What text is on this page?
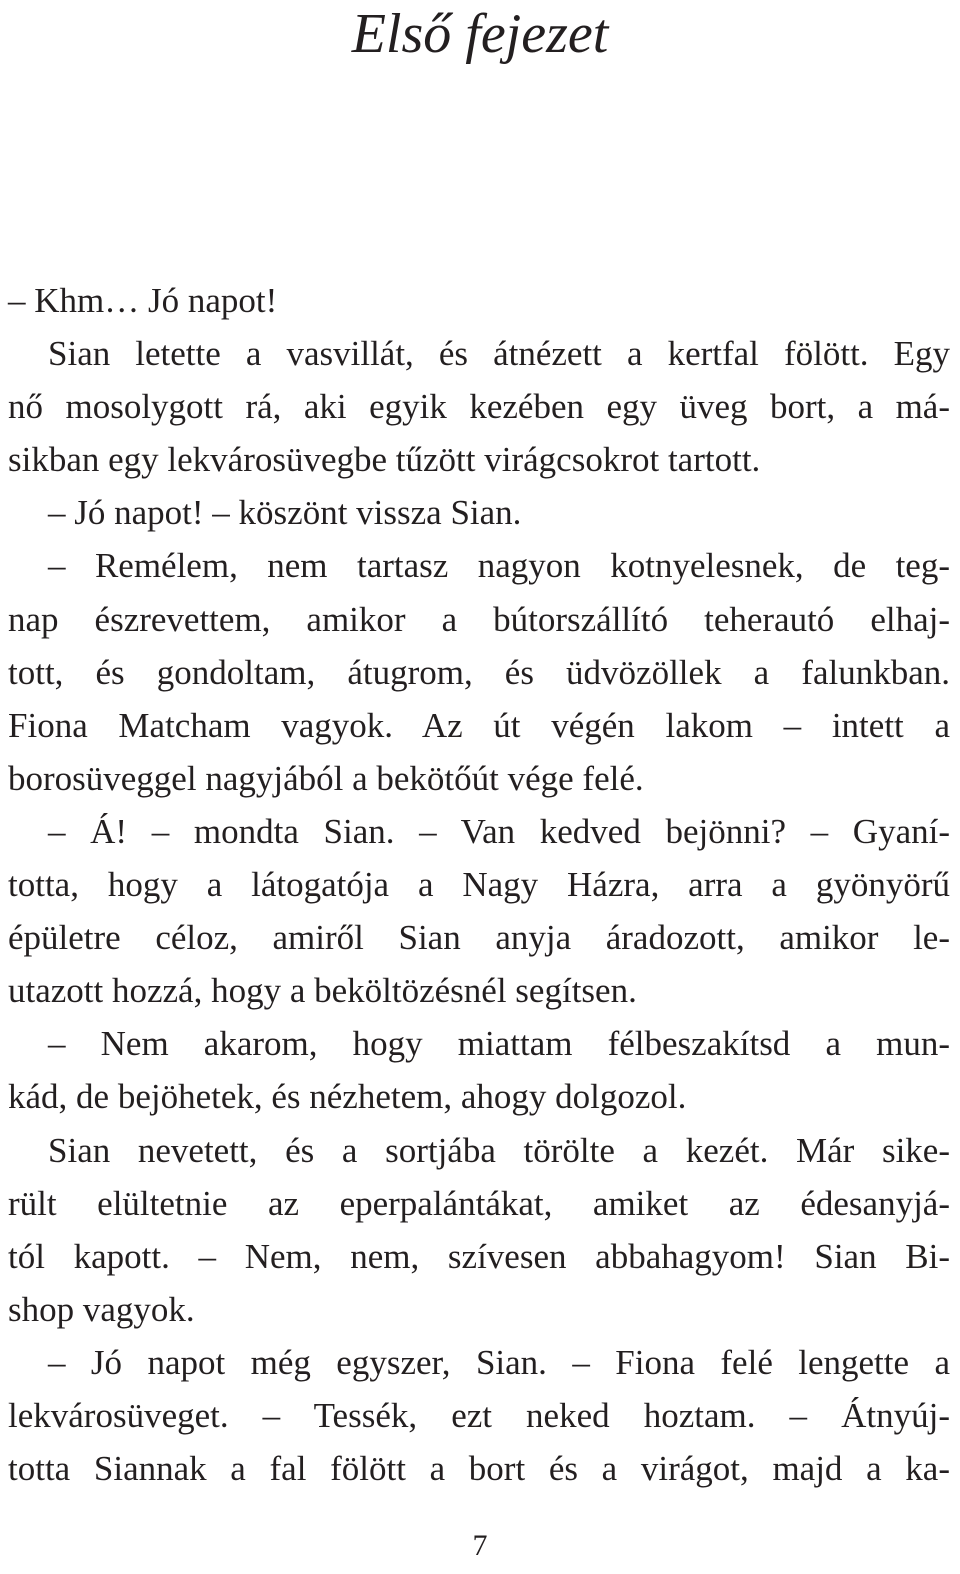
Első fejezet
– Khm… Jó napot!
Sian letette a vasvillát, és átnézett a kertfal fölött. Egy
nő mosolygott rá, aki egyik kezében egy üveg bort, a má-
sikban egy lekvárosüvegbe tűzött virágcsokrot tartott.
– Jó napot! – köszönt vissza Sian.
– Remélem, nem tartasz nagyon kotnyelesnek, de teg-
nap észrevettem, amikor a bútorszállító teherautó elhaj-
tott, és gondoltam, átugrom, és üdvözöllek a falunkban.
Fiona Matcham vagyok. Az út végén lakom – intett a
borosüveggel nagyjából a bekötőút vége felé.
– Á! – mondta Sian. – Van kedved bejönni? – Gyaní-
totta, hogy a látogatója a Nagy Házra, arra a gyönyörű
épületre céloz, amiről Sian anyja áradozott, amikor le-
utazott hozzá, hogy a beköltözésnél segítsen.
– Nem akarom, hogy miattam félbeszakítsd a mun-
kád, de bejöhetek, és nézhetem, ahogy dolgozol.
Sian nevetett, és a sortjába törölte a kezét. Már sike-
rült elültetnie az eperpalántákat, amiket az édesanyjá-
tól kapott. – Nem, nem, szívesen abbahagyom! Sian Bi-
shop vagyok.
– Jó napot még egyszer, Sian. – Fiona felé lengette a
lekvárosüveget. – Tessék, ezt neked hoztam. – Átnyúj-
totta Siannak a fal fölött a bort és a virágot, majd a ka-
7
